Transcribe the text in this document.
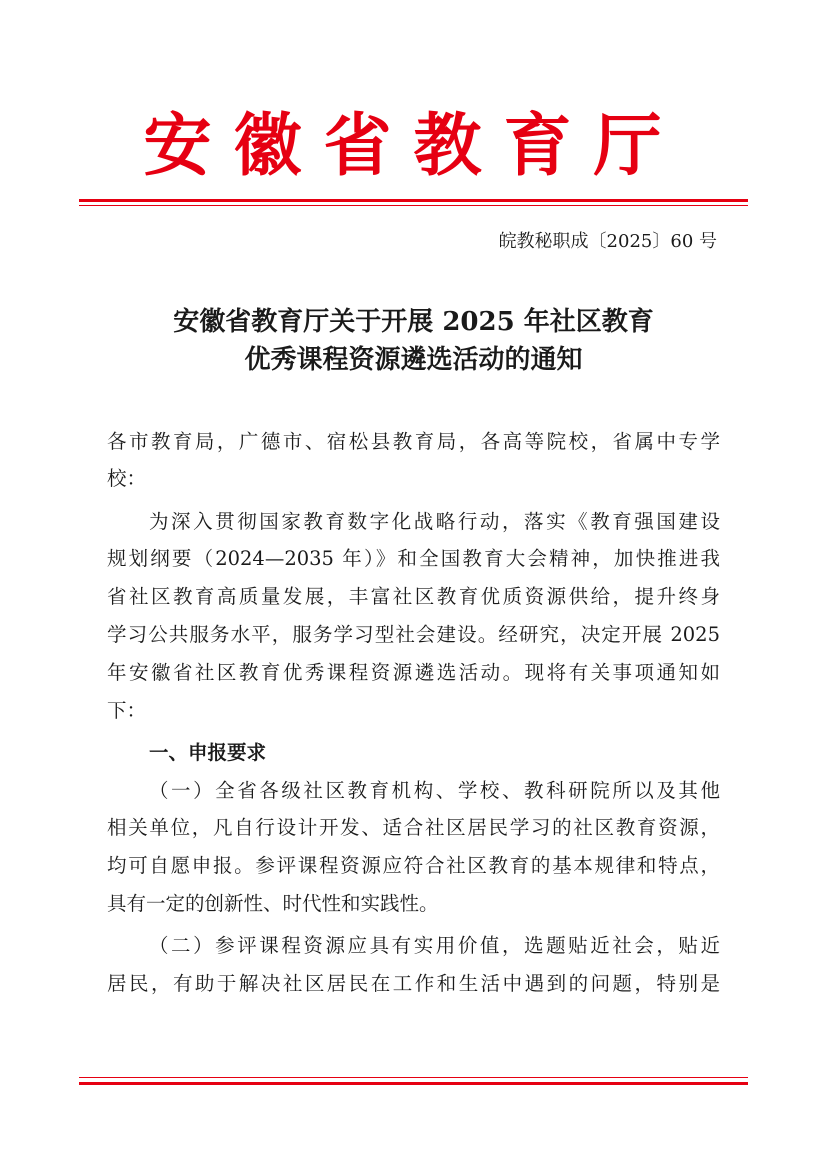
安徽省教育厅
皖教秘职成〔2025〕60 号
安徽省教育厅关于开展 2025 年社区教育
优秀课程资源遴选活动的通知
各市教育局，广德市、宿松县教育局，各高等院校，省属中专学
校：
为深入贯彻国家教育数字化战略行动，落实《教育强国建设
规划纲要（2024—2035 年）》和全国教育大会精神，加快推进我
省社区教育高质量发展，丰富社区教育优质资源供给，提升终身
学习公共服务水平，服务学习型社会建设。经研究，决定开展 2025
年安徽省社区教育优秀课程资源遴选活动。现将有关事项通知如
下：
一、申报要求
（一）全省各级社区教育机构、学校、教科研院所以及其他
相关单位，凡自行设计开发、适合社区居民学习的社区教育资源，
均可自愿申报。参评课程资源应符合社区教育的基本规律和特点，
具有一定的创新性、时代性和实践性。
（二）参评课程资源应具有实用价值，选题贴近社会，贴近
居民，有助于解决社区居民在工作和生活中遇到的问题，特别是
